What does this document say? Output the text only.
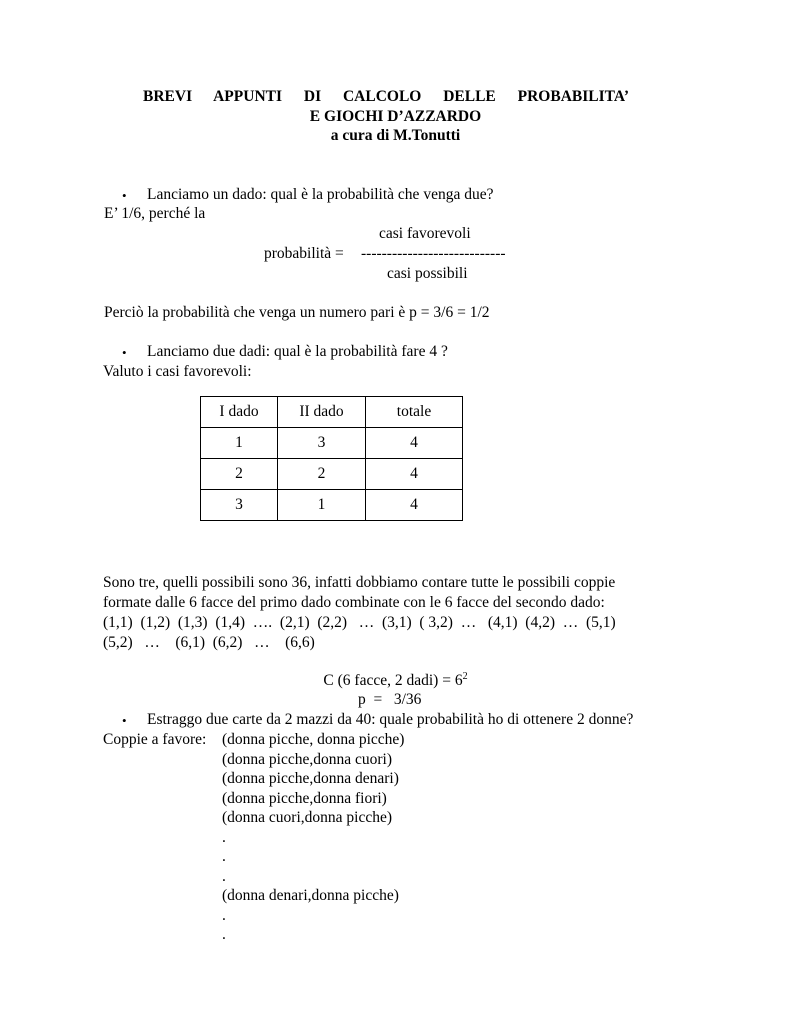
BREVI APPUNTI DI CALCOLO DELLE PROBABILITA’
E GIOCHI D’AZZARDO
a cura di M.Tonutti
• Lanciamo un dado: qual è la probabilità che venga due?
E’ 1/6, perché la
casi favorevoli
probabilità = ----------------------------
casi possibili
Perciò la probabilità che venga un numero pari è p = 3/6 = 1/2
• Lanciamo due dadi: qual è la probabilità fare 4 ?
Valuto i casi favorevoli:
I dado	II dado	totale
1	3	4
2	2	4
3	1	4
Sono tre, quelli possibili sono 36, infatti dobbiamo contare tutte le possibili coppie
formate dalle 6 facce del primo dado combinate con le 6 facce del secondo dado:
(1,1)  (1,2)  (1,3)  (1,4)  ….  (2,1)  (2,2)   …  (3,1)  ( 3,2)  …   (4,1)  (4,2)  …  (5,1)
(5,2)   …    (6,1)  (6,2)   …    (6,6)
C (6 facce, 2 dadi) = $6^2$
p  =   3/36
• Estraggo due carte da 2 mazzi da 40: quale probabilità ho di ottenere 2 donne?
Coppie a favore: (donna picche, donna picche)
(donna picche,donna cuori)
(donna picche,donna denari)
(donna picche,donna fiori)
(donna cuori,donna picche)
.
.
.
(donna denari,donna picche)
.
.
